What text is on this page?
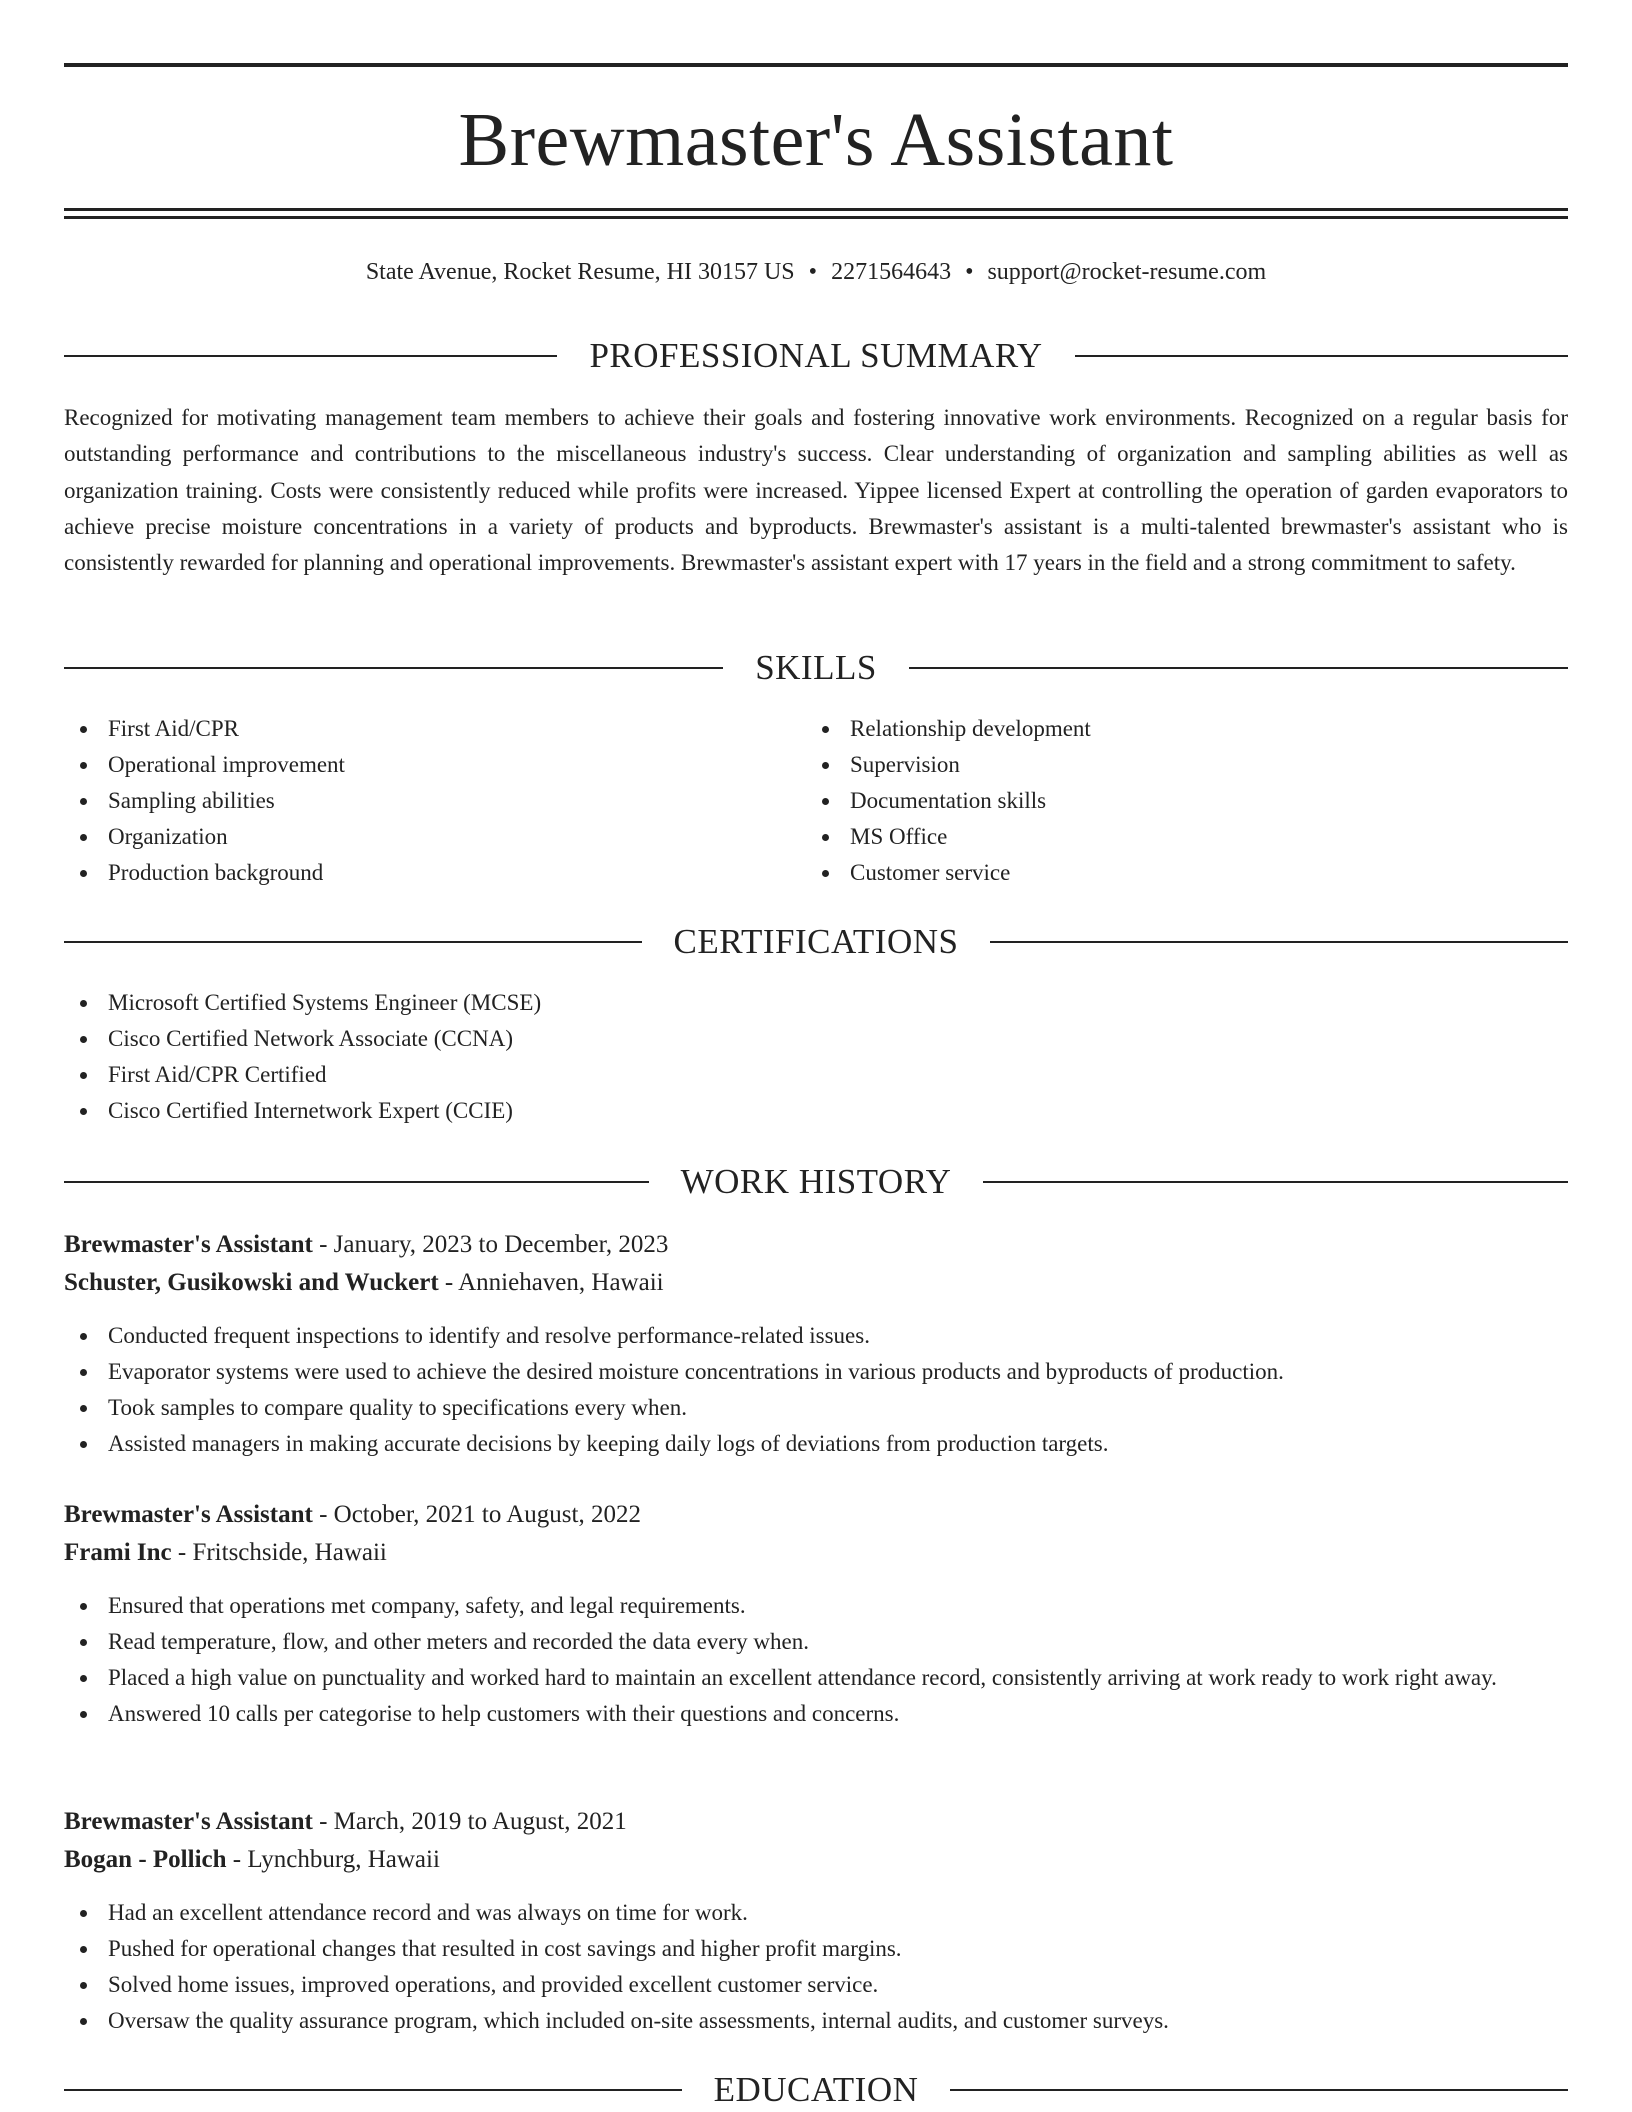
Brewmaster's Assistant
State Avenue, Rocket Resume, HI 30157 US • 2271564643 • support@rocket-resume.com
PROFESSIONAL SUMMARY

Recognized for motivating management team members to achieve their goals and fostering innovative work environments. Recognized on a regular basis for outstanding performance and contributions to the miscellaneous industry's success. Clear understanding of organization and sampling abilities as well as organization training. Costs were consistently reduced while profits were increased. Yippee licensed Expert at controlling the operation of garden evaporators to achieve precise moisture concentrations in a variety of products and byproducts. Brewmaster's assistant is a multi-talented brewmaster's assistant who is consistently rewarded for planning and operational improvements. Brewmaster's assistant expert with 17 years in the field and a strong commitment to safety.

SKILLS
First Aid/CPR
Operational improvement
Sampling abilities
Organization
Production background
Relationship development
Supervision
Documentation skills
MS Office
Customer service
CERTIFICATIONS
Microsoft Certified Systems Engineer (MCSE)
Cisco Certified Network Associate (CCNA)
First Aid/CPR Certified
Cisco Certified Internetwork Expert (CCIE)
WORK HISTORY
Brewmaster's Assistant - January, 2023 to December, 2023
Schuster, Gusikowski and Wuckert - Anniehaven, Hawaii
Conducted frequent inspections to identify and resolve performance-related issues.
Evaporator systems were used to achieve the desired moisture concentrations in various products and byproducts of production.
Took samples to compare quality to specifications every when.
Assisted managers in making accurate decisions by keeping daily logs of deviations from production targets.
Brewmaster's Assistant - October, 2021 to August, 2022
Frami Inc - Fritschside, Hawaii
Ensured that operations met company, safety, and legal requirements.
Read temperature, flow, and other meters and recorded the data every when.
Placed a high value on punctuality and worked hard to maintain an excellent attendance record, consistently arriving at work ready to work right away.
Answered 10 calls per categorise to help customers with their questions and concerns.
Brewmaster's Assistant - March, 2019 to August, 2021
Bogan - Pollich - Lynchburg, Hawaii
Had an excellent attendance record and was always on time for work.
Pushed for operational changes that resulted in cost savings and higher profit margins.
Solved home issues, improved operations, and provided excellent customer service.
Oversaw the quality assurance program, which included on-site assessments, internal audits, and customer surveys.
EDUCATION
